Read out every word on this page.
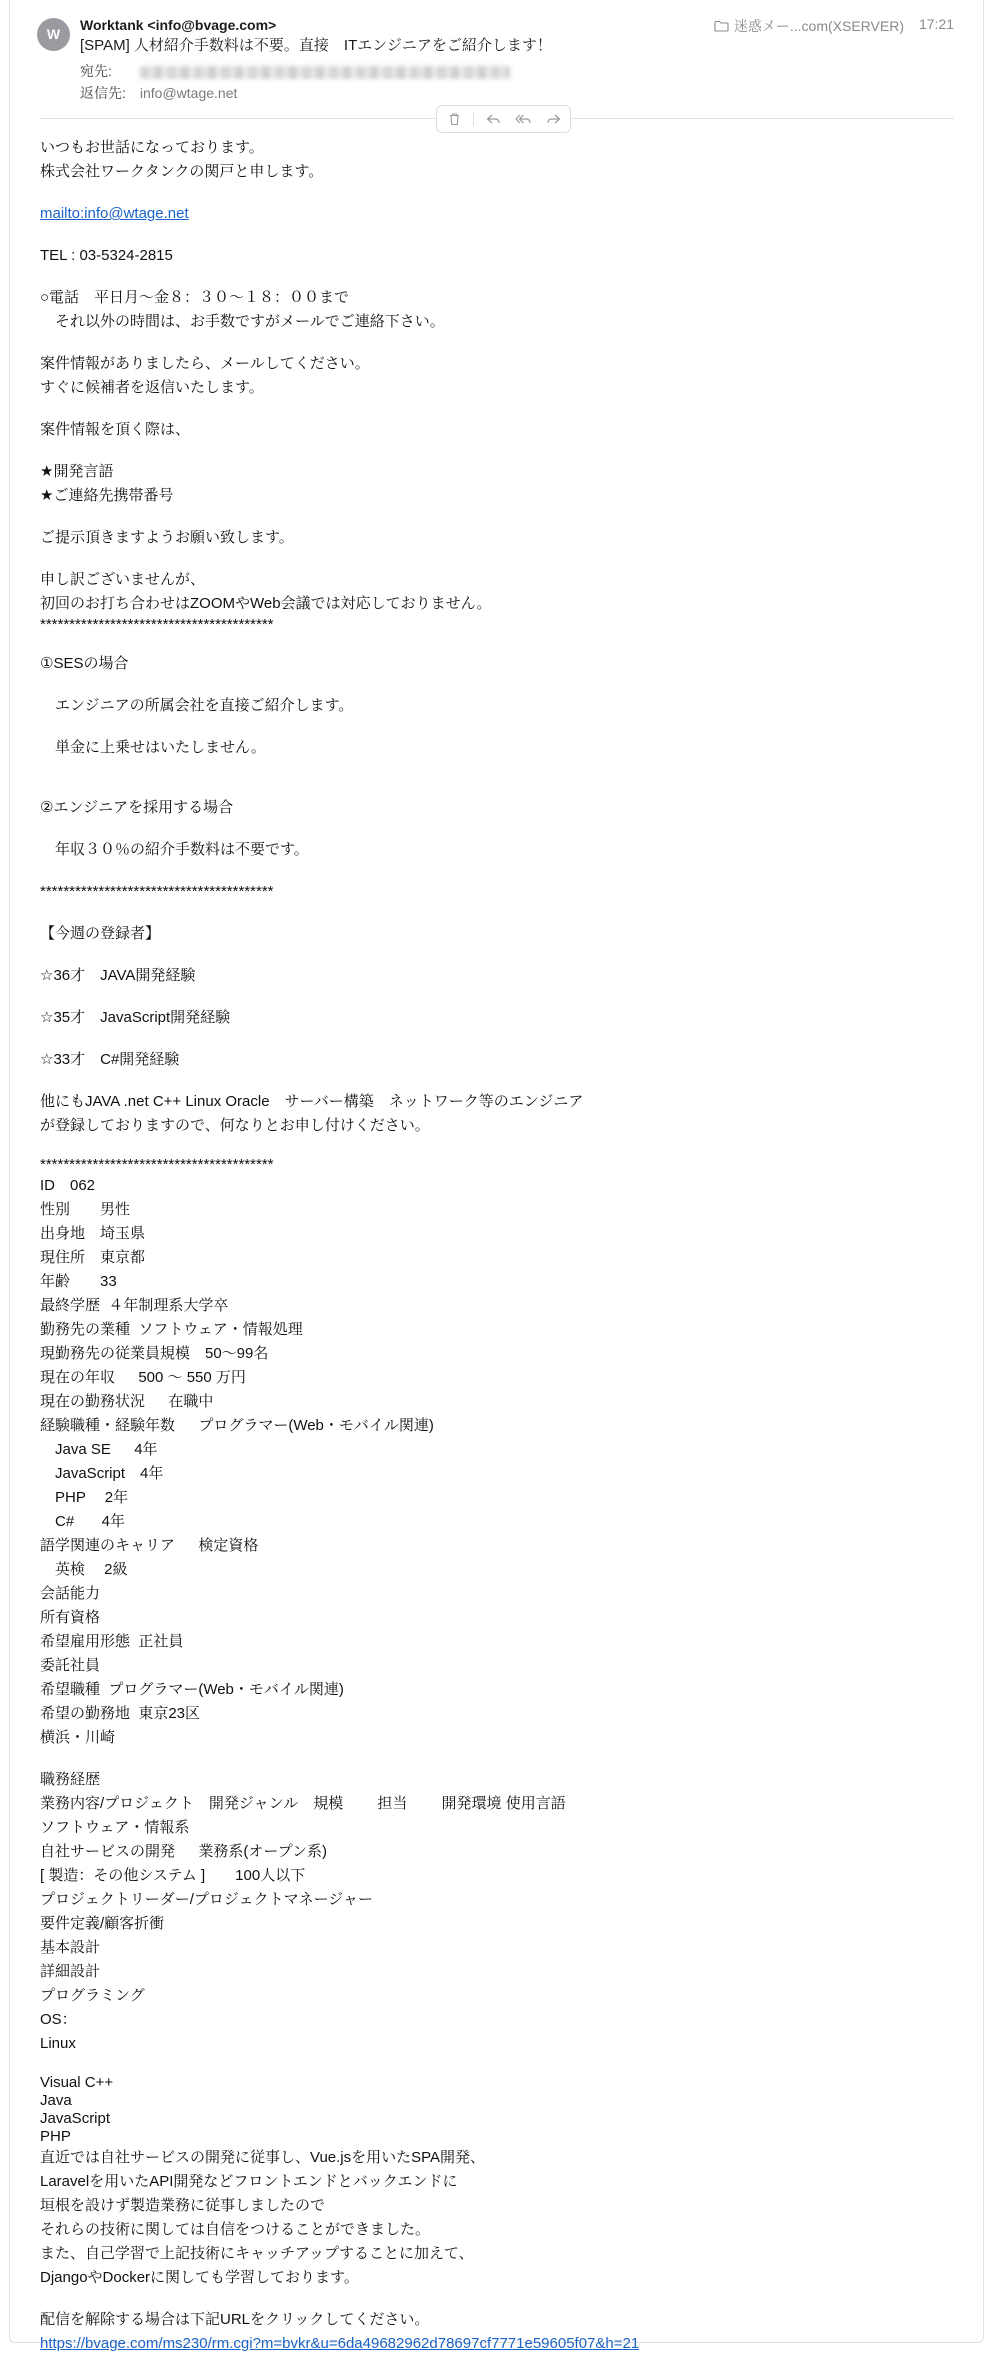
W
Worktank <info@bvage.com>
[SPAM] 人材紹介手数料は不要。直接　ITエンジニアをご紹介します！
宛先:
返信先: info@wtage.net
迷惑メー...com(XSERVER) 17:21
いつもお世話になっております。
株式会社ワークタンクの関戸と申します。
mailto:info@wtage.net
TEL : 03-5324-2815
○電話　平日月～金８：３０～１８：００まで
　それ以外の時間は、お手数ですがメールでご連絡下さい。
案件情報がありましたら、メールしてください。
すぐに候補者を返信いたします。
案件情報を頂く際は、
★開発言語
★ご連絡先携帯番号
ご提示頂きますようお願い致します。
申し訳ございませんが、
初回のお打ち合わせはZOOMやWeb会議では対応しておりません。
****************************************
①SESの場合
　エンジニアの所属会社を直接ご紹介します。
　単金に上乗せはいたしません。
②エンジニアを採用する場合
　年収３０％の紹介手数料は不要です。
****************************************
【今週の登録者】
☆36才　JAVA開発経験
☆35才　JavaScript開発経験
☆33才　C#開発経験
他にもJAVA .net C++ Linux Oracle　サーバー構築　ネットワーク等のエンジニア
が登録しておりますので、何なりとお申し付けください。
****************************************
ID　062
性別　　男性
出身地　埼玉県
現住所　東京都
年齢　　33
最終学歴  ４年制理系大学卒
勤務先の業種  ソフトウェア・情報処理
現勤務先の従業員規模　50～99名
現在の年収　  500 ～ 550 万円
現在の勤務状況　  在職中
経験職種・経験年数　  プログラマー(Web・モバイル関連)
　Java SE　  4年
　JavaScript　4年
　PHP　 2年
　C#　   4年
語学関連のキャリア　  検定資格
　英検　 2級
会話能力
所有資格
希望雇用形態  正社員
委託社員
希望職種  プログラマー(Web・モバイル関連)
希望の勤務地  東京23区
横浜・川崎
職務経歴
業務内容/プロジェクト　開発ジャンル　規模　　 担当　　 開発環境 使用言語
ソフトウェア・情報系
自社サービスの開発　  業務系(オープン系)
[ 製造：その他システム ]　　100人以下
プロジェクトリーダー/プロジェクトマネージャー
要件定義/顧客折衝
基本設計
詳細設計
プログラミング
OS：
Linux
Visual C++
Java
JavaScript
PHP
直近では自社サービスの開発に従事し、Vue.jsを用いたSPA開発、
Laravelを用いたAPI開発などフロントエンドとバックエンドに
垣根を設けず製造業務に従事しましたので
それらの技術に関しては自信をつけることができました。
また、自己学習で上記技術にキャッチアップすることに加えて、
DjangoやDockerに関しても学習しております。
配信を解除する場合は下記URLをクリックしてください。
https://bvage.com/ms230/rm.cgi?m=bvkr&u=6da49682962d78697cf7771e59605f07&h=21
